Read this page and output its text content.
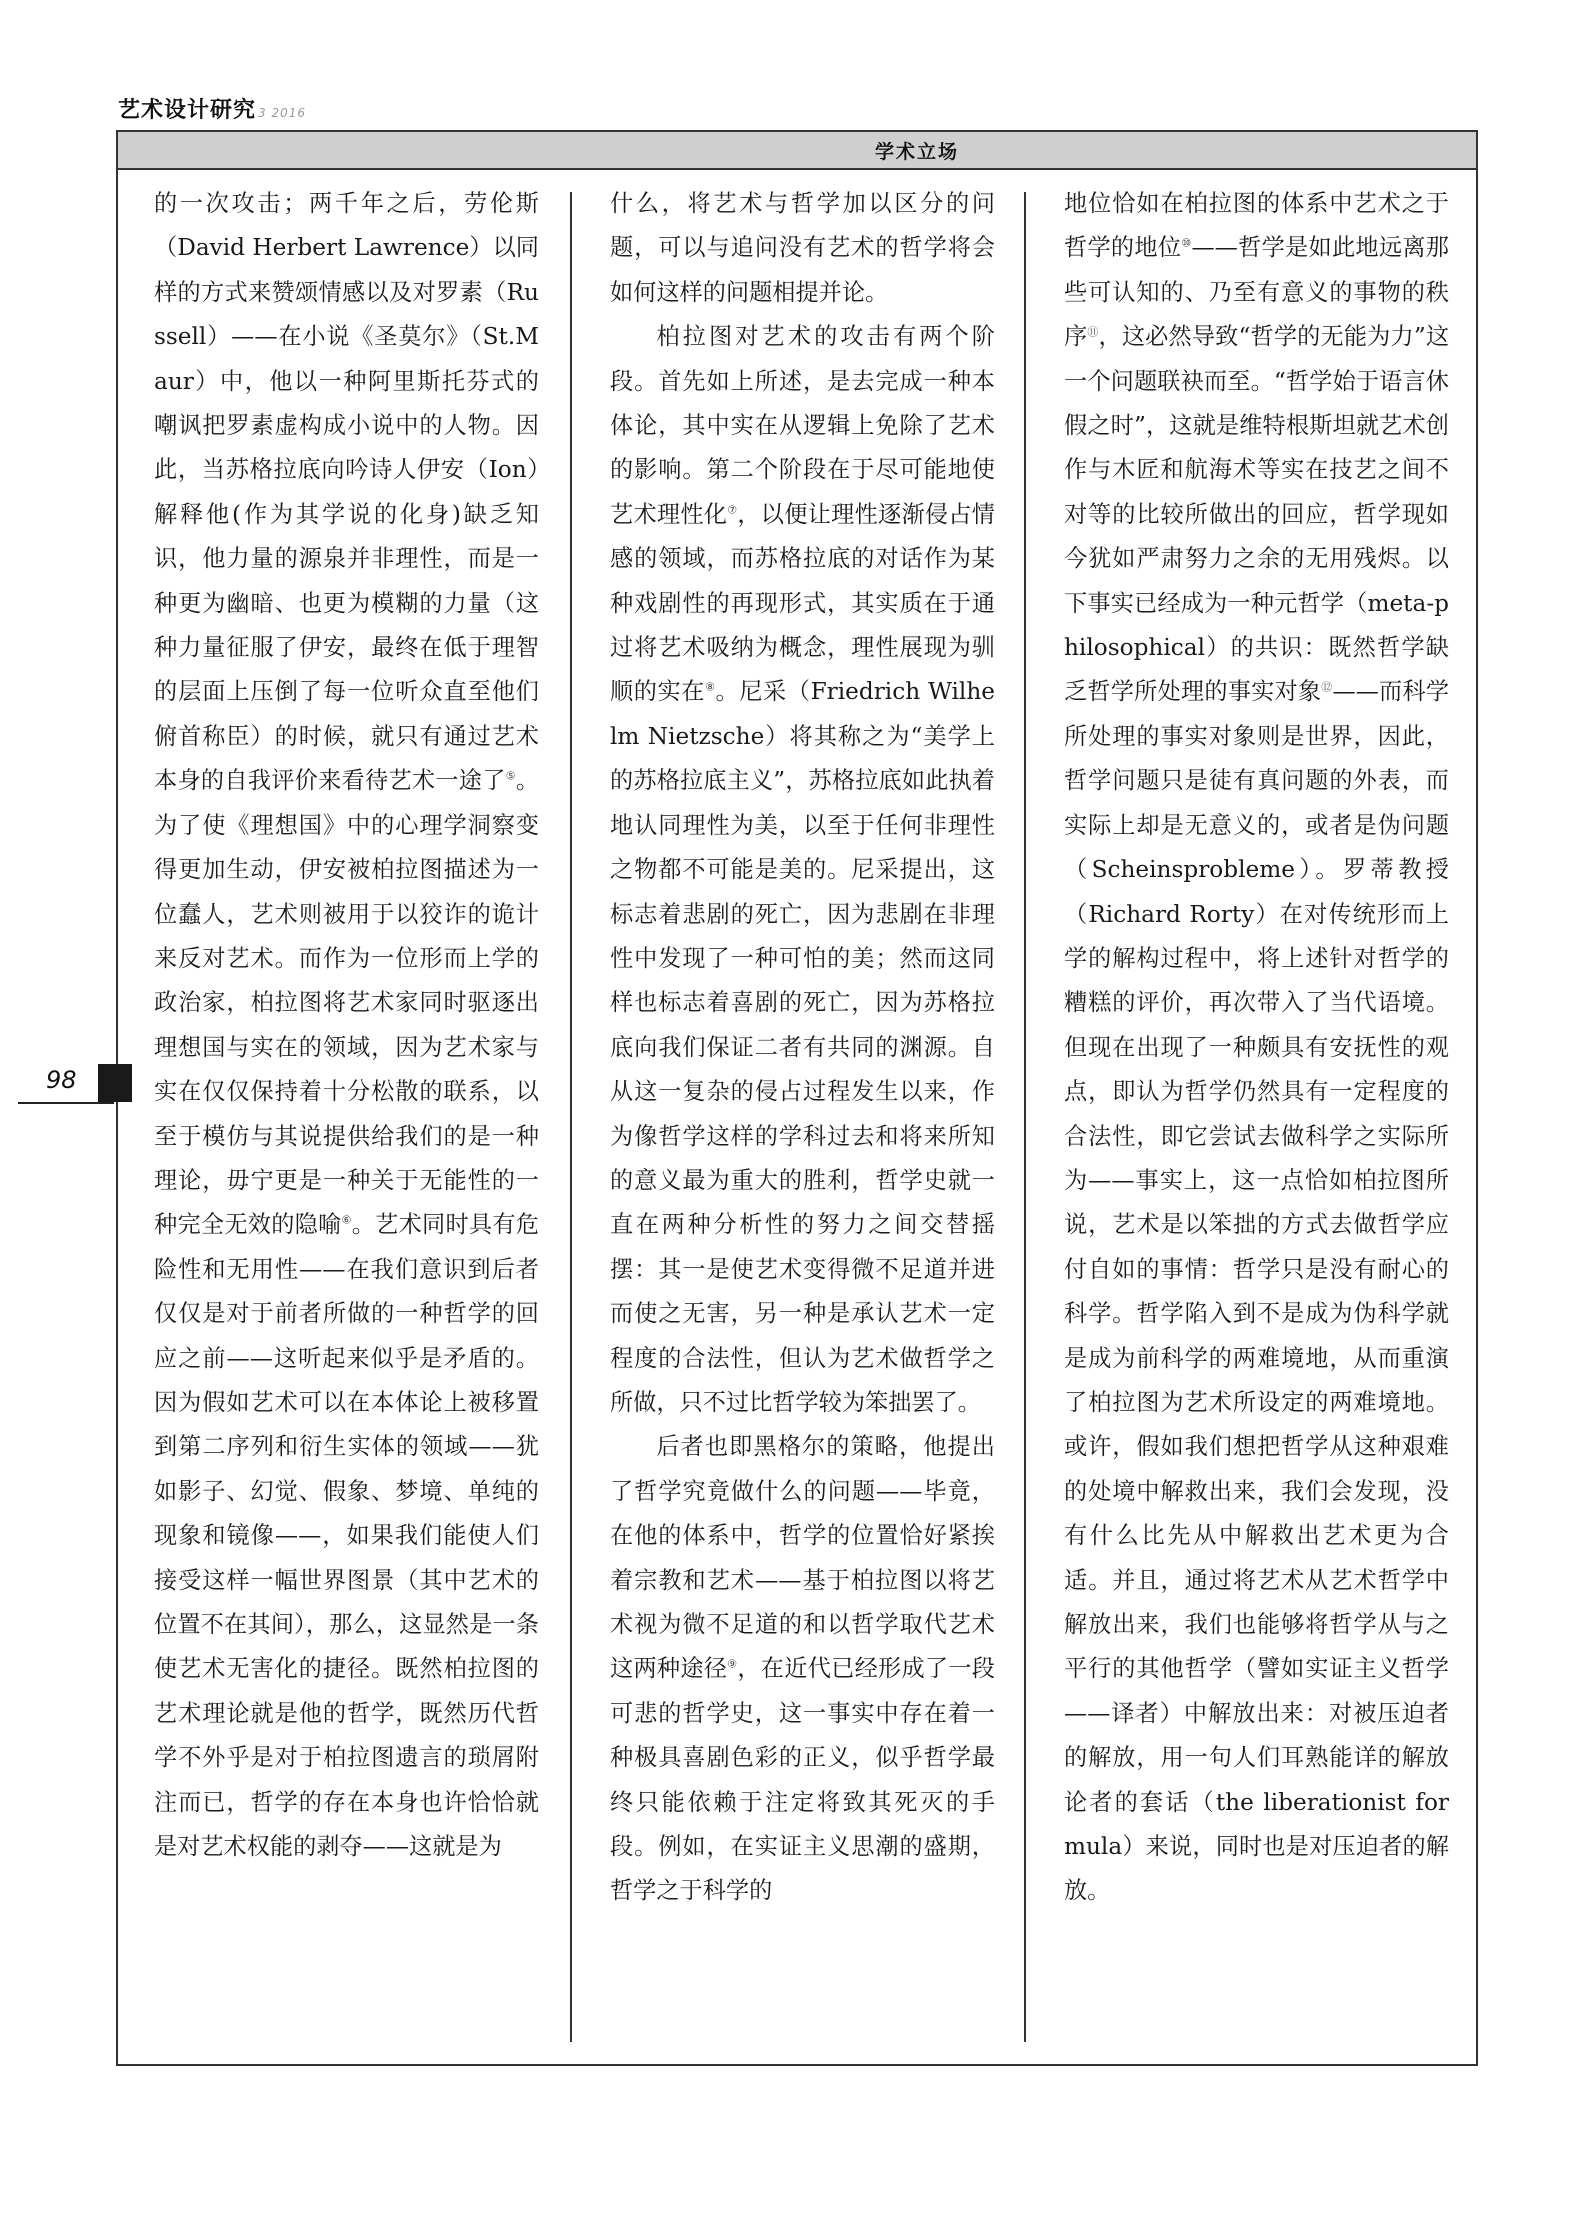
艺术设计研究 3 2016
学术立场

的一次攻击；两千年之后，劳伦斯（David Herbert Lawrence）以同样的方式来赞颂情感以及对罗素（Russell）——在小说《圣莫尔》（St.Maur）中，他以一种阿里斯托芬式的嘲讽把罗素虚构成小说中的人物。因此，当苏格拉底向吟诗人伊安（Ion）解释他(作为其学说的化身)缺乏知识，他力量的源泉并非理性，而是一种更为幽暗、也更为模糊的力量（这种力量征服了伊安，最终在低于理智的层面上压倒了每一位听众直至他们俯首称臣）的时候，就只有通过艺术本身的自我评价来看待艺术一途了⑤。为了使《理想国》中的心理学洞察变得更加生动，伊安被柏拉图描述为一位蠢人，艺术则被用于以狡诈的诡计来反对艺术。而作为一位形而上学的政治家，柏拉图将艺术家同时驱逐出理想国与实在的领域，因为艺术家与实在仅仅保持着十分松散的联系，以至于模仿与其说提供给我们的是一种理论，毋宁更是一种关于无能性的一种完全无效的隐喻⑥。艺术同时具有危险性和无用性——在我们意识到后者仅仅是对于前者所做的一种哲学的回应之前——这听起来似乎是矛盾的。因为假如艺术可以在本体论上被移置到第二序列和衍生实体的领域——犹如影子、幻觉、假象、梦境、单纯的现象和镜像——，如果我们能使人们接受这样一幅世界图景（其中艺术的位置不在其间），那么，这显然是一条使艺术无害化的捷径。既然柏拉图的艺术理论就是他的哲学，既然历代哲学不外乎是对于柏拉图遗言的琐屑附注而已，哲学的存在本身也许恰恰就是对艺术权能的剥夺——这就是为

什么，将艺术与哲学加以区分的问题，可以与追问没有艺术的哲学将会如何这样的问题相提并论。

柏拉图对艺术的攻击有两个阶段。首先如上所述，是去完成一种本体论，其中实在从逻辑上免除了艺术的影响。第二个阶段在于尽可能地使艺术理性化⑦，以便让理性逐渐侵占情感的领域，而苏格拉底的对话作为某种戏剧性的再现形式，其实质在于通过将艺术吸纳为概念，理性展现为驯顺的实在⑧。尼采（Friedrich Wilhelm Nietzsche）将其称之为“美学上的苏格拉底主义”，苏格拉底如此执着地认同理性为美，以至于任何非理性之物都不可能是美的。尼采提出，这标志着悲剧的死亡，因为悲剧在非理性中发现了一种可怕的美；然而这同样也标志着喜剧的死亡，因为苏格拉底向我们保证二者有共同的渊源。自从这一复杂的侵占过程发生以来，作为像哲学这样的学科过去和将来所知的意义最为重大的胜利，哲学史就一直在两种分析性的努力之间交替摇摆：其一是使艺术变得微不足道并进而使之无害，另一种是承认艺术一定程度的合法性，但认为艺术做哲学之所做，只不过比哲学较为笨拙罢了。

后者也即黑格尔的策略，他提出了哲学究竟做什么的问题——毕竟，在他的体系中，哲学的位置恰好紧挨着宗教和艺术——基于柏拉图以将艺术视为微不足道的和以哲学取代艺术这两种途径⑨，在近代已经形成了一段可悲的哲学史，这一事实中存在着一种极具喜剧色彩的正义，似乎哲学最终只能依赖于注定将致其死灭的手段。例如，在实证主义思潮的盛期，哲学之于科学的

地位恰如在柏拉图的体系中艺术之于哲学的地位⑩——哲学是如此地远离那些可认知的、乃至有意义的事物的秩序⑪，这必然导致“哲学的无能为力”这一个问题联袂而至。“哲学始于语言休假之时”，这就是维特根斯坦就艺术创作与木匠和航海术等实在技艺之间不对等的比较所做出的回应，哲学现如今犹如严肃努力之余的无用残烬。以下事实已经成为一种元哲学（meta-philosophical）的共识：既然哲学缺乏哲学所处理的事实对象⑫——而科学所处理的事实对象则是世界，因此，哲学问题只是徒有真问题的外表，而实际上却是无意义的，或者是伪问题（Scheinsprobleme）。罗蒂教授（Richard Rorty）在对传统形而上学的解构过程中，将上述针对哲学的糟糕的评价，再次带入了当代语境。但现在出现了一种颇具有安抚性的观点，即认为哲学仍然具有一定程度的合法性，即它尝试去做科学之实际所为——事实上，这一点恰如柏拉图所说，艺术是以笨拙的方式去做哲学应付自如的事情：哲学只是没有耐心的科学。哲学陷入到不是成为伪科学就是成为前科学的两难境地，从而重演了柏拉图为艺术所设定的两难境地。或许，假如我们想把哲学从这种艰难的处境中解救出来，我们会发现，没有什么比先从中解救出艺术更为合适。并且，通过将艺术从艺术哲学中解放出来，我们也能够将哲学从与之平行的其他哲学（譬如实证主义哲学——译者）中解放出来：对被压迫者的解放，用一句人们耳熟能详的解放论者的套话（the liberationist formula）来说，同时也是对压迫者的解放。

98
